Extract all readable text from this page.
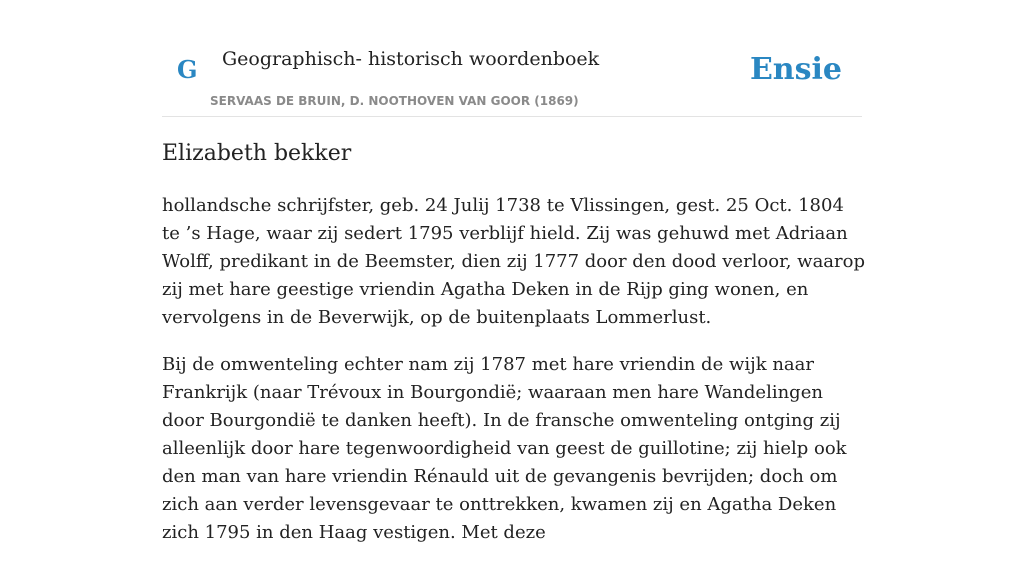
G Geographisch- historisch woordenboek
SERVAAS DE BRUIN, D. NOOTHOVEN VAN GOOR (1869)
Ensie
Elizabeth bekker

hollandsche schrijfster, geb. 24 Julij 1738 te Vlissingen, gest. 25 Oct. 1804 te ’s Hage, waar zij sedert 1795 verblijf hield. Zij was gehuwd met Adriaan Wolff, predikant in de Beemster, dien zij 1777 door den dood verloor, waarop zij met hare geestige vriendin Agatha Deken in de Rijp ging wonen, en vervolgens in de Beverwijk, op de buitenplaats Lommerlust.

Bij de omwenteling echter nam zij 1787 met hare vriendin de wijk naar Frankrijk (naar Trévoux in Bourgondië; waaraan men hare Wandelingen door Bourgondië te danken heeft). In de fransche omwenteling ontging zij alleenlijk door hare tegenwoordigheid van geest de guillotine; zij hielp ook den man van hare vriendin Rénauld uit de gevangenis bevrijden; doch om zich aan verder levensgevaar te onttrekken, kwamen zij en Agatha Deken zich 1795 in den Haag vestigen. Met deze
